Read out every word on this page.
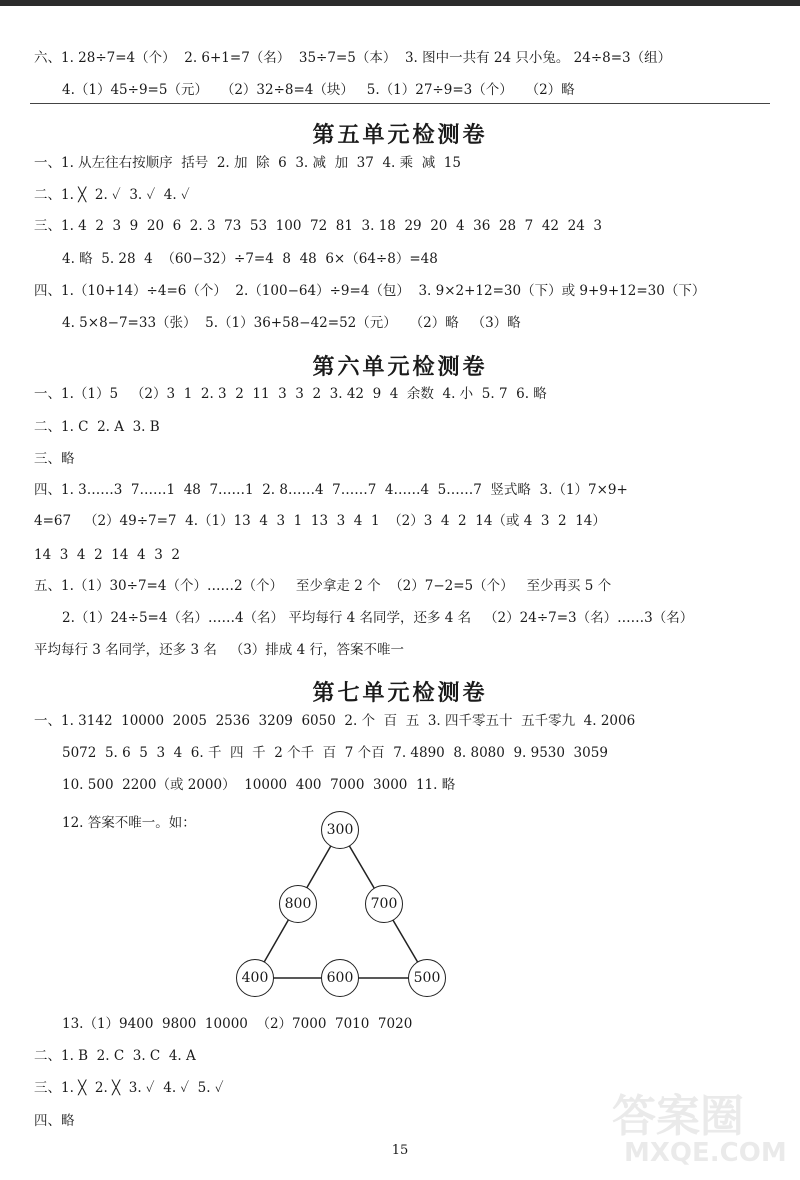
六、1. 28÷7=4（个）  2. 6+1=7（名）  35÷7=5（本）  3. 图中一共有 24 只小兔。 24÷8=3（组）
4.（1）45÷9=5（元）   （2）32÷8=4（块）   5.（1）27÷9=3（个）   （2）略
第五单元检测卷
一、1. 从左往右按顺序  括号  2. 加  除  6  3. 减  加  37  4. 乘  减  15
二、1. ╳  2. ✓  3. ✓  4. ✓
三、1. 4  2  3  9  20  6  2. 3  73  53  100  72  81  3. 18  29  20  4  36  28  7  42  24  3
4. 略  5. 28  4  （60−32）÷7=4  8  48  6×（64÷8）=48
四、1.（10+14）÷4=6（个）  2.（100−64）÷9=4（包）  3. 9×2+12=30（下）或 9+9+12=30（下）
4. 5×8−7=33（张）  5.（1）36+58−42=52（元）   （2）略   （3）略
第六单元检测卷
一、1.（1）5   （2）3  1  2. 3  2  11  3  3  2  3. 42  9  4  余数  4. 小  5. 7  6. 略
二、1. C  2. A  3. B
三、略
四、1. 3……3  7……1  48  7……1  2. 8……4  7……7  4……4  5……7  竖式略  3.（1）7×9+
4=67   （2）49÷7=7  4.（1）13  4  3  1  13  3  4  1  （2）3  4  2  14（或 4  3  2  14）
14  3  4  2  14  4  3  2
五、1.（1）30÷7=4（个）……2（个）   至少拿走 2 个  （2）7−2=5（个）   至少再买 5 个
2.（1）24÷5=4（名）……4（名） 平均每行 4 名同学，还多 4 名   （2）24÷7=3（名）……3（名）
平均每行 3 名同学，还多 3 名   （3）排成 4 行，答案不唯一
第七单元检测卷
一、1. 3142  10000  2005  2536  3209  6050  2. 个  百  五  3. 四千零五十  五千零九  4. 2006
5072  5. 6  5  3  4  6. 千  四  千  2 个千  百  7 个百  7. 4890  8. 8080  9. 9530  3059
10. 500  2200（或 2000）  10000  400  7000  3000  11. 略
12. 答案不唯一。如：	300
800	700
400	600	500
13.（1）9400  9800  10000  （2）7000  7010  7020
二、1. B  2. C  3. C  4. A
三、1. ╳  2. ╳  3. ✓  4. ✓  5. ✓
四、略
15
答案圈
MXQE.COM
